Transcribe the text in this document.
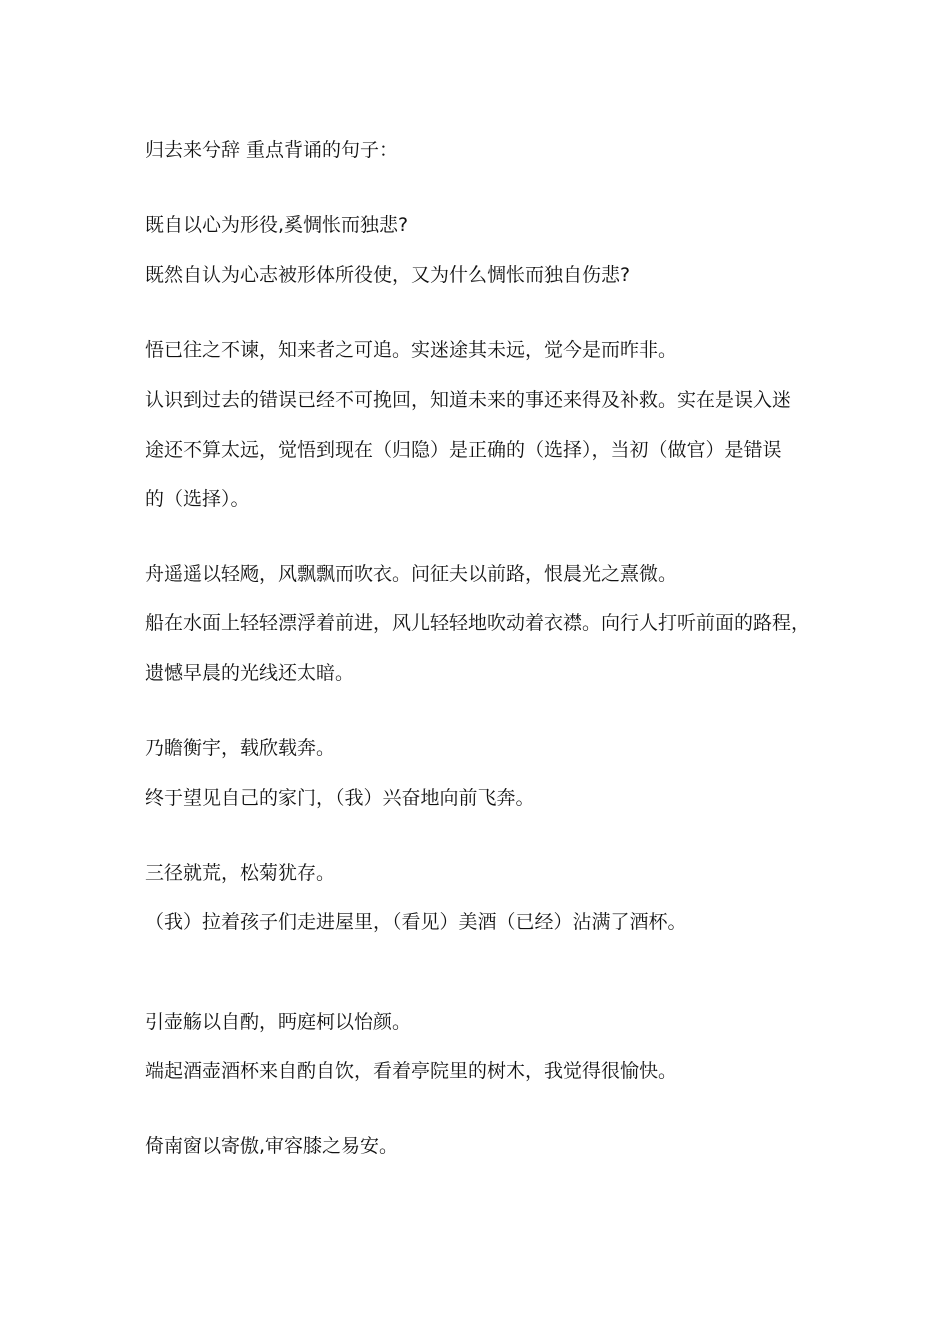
归去来兮辞 重点背诵的句子：
既自以心为形役,奚惆怅而独悲?
既然自认为心志被形体所役使，又为什么惆怅而独自伤悲?
悟已往之不谏，知来者之可追。实迷途其未远，觉今是而昨非。
认识到过去的错误已经不可挽回，知道未来的事还来得及补救。实在是误入迷
途还不算太远，觉悟到现在（归隐）是正确的（选择），当初（做官）是错误
的（选择）。
舟遥遥以轻飏，风飘飘而吹衣。问征夫以前路，恨晨光之熹微。
船在水面上轻轻漂浮着前进，风儿轻轻地吹动着衣襟。向行人打听前面的路程，
遗憾早晨的光线还太暗。
乃瞻衡宇，载欣载奔。
终于望见自己的家门，（我）兴奋地向前飞奔。
三径就荒，松菊犹存。
（我）拉着孩子们走进屋里，（看见）美酒（已经）沾满了酒杯。
引壶觞以自酌，眄庭柯以怡颜。
端起酒壶酒杯来自酌自饮，看着亭院里的树木，我觉得很愉快。
倚南窗以寄傲,审容膝之易安。
